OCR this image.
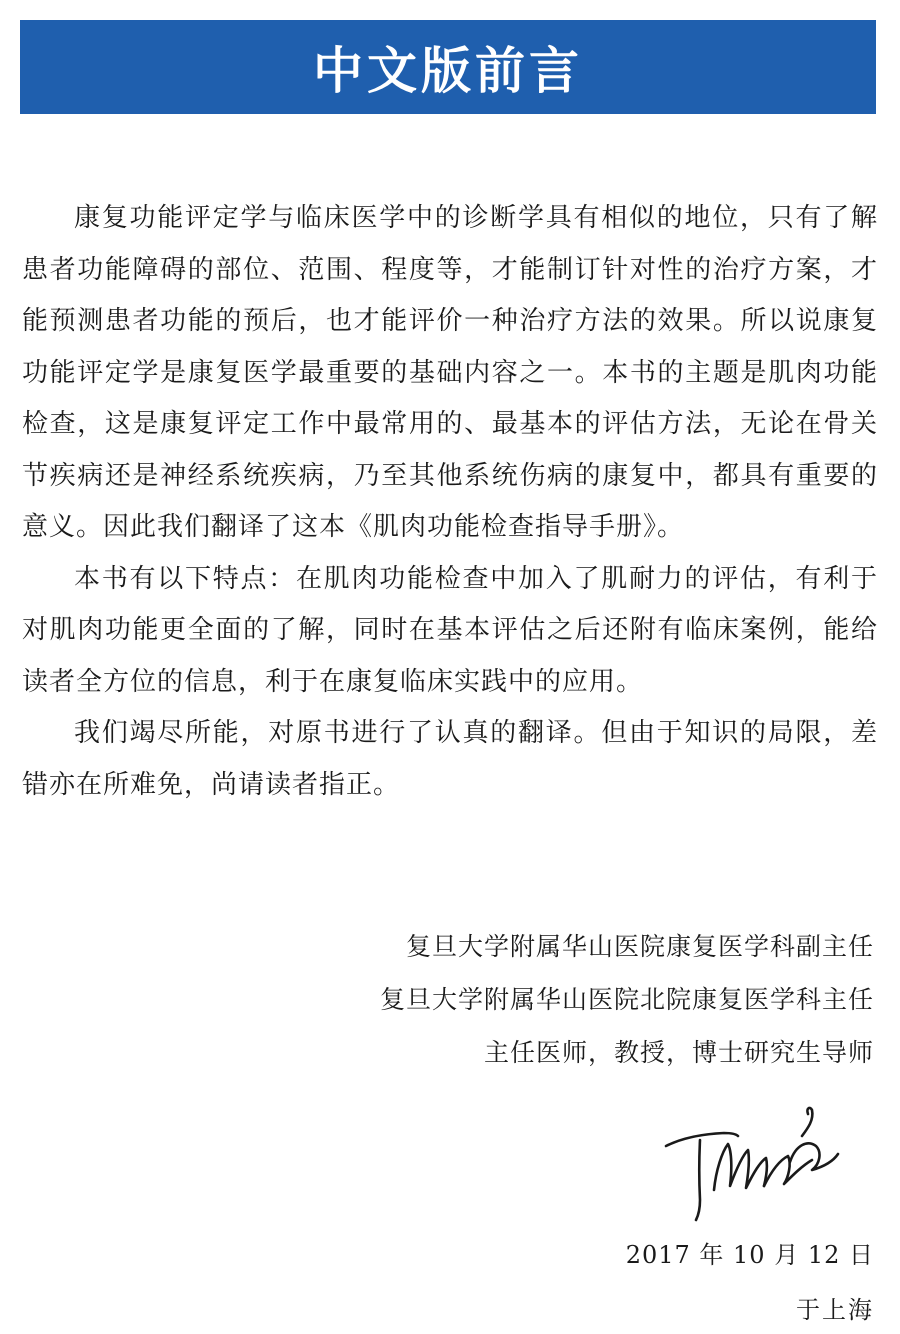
中文版前言

康复功能评定学与临床医学中的诊断学具有相似的地位，只有了解患者功能障碍的部位、范围、程度等，才能制订针对性的治疗方案，才能预测患者功能的预后，也才能评价一种治疗方法的效果。所以说康复功能评定学是康复医学最重要的基础内容之一。本书的主题是肌肉功能检查，这是康复评定工作中最常用的、最基本的评估方法，无论在骨关节疾病还是神经系统疾病，乃至其他系统伤病的康复中，都具有重要的意义。因此我们翻译了这本《肌肉功能检查指导手册》。

本书有以下特点：在肌肉功能检查中加入了肌耐力的评估，有利于对肌肉功能更全面的了解，同时在基本评估之后还附有临床案例，能给读者全方位的信息，利于在康复临床实践中的应用。

我们竭尽所能，对原书进行了认真的翻译。但由于知识的局限，差错亦在所难免，尚请读者指正。

复旦大学附属华山医院康复医学科副主任
复旦大学附属华山医院北院康复医学科主任
主任医师，教授，博士研究生导师
2017 年 10 月 12 日
于上海
